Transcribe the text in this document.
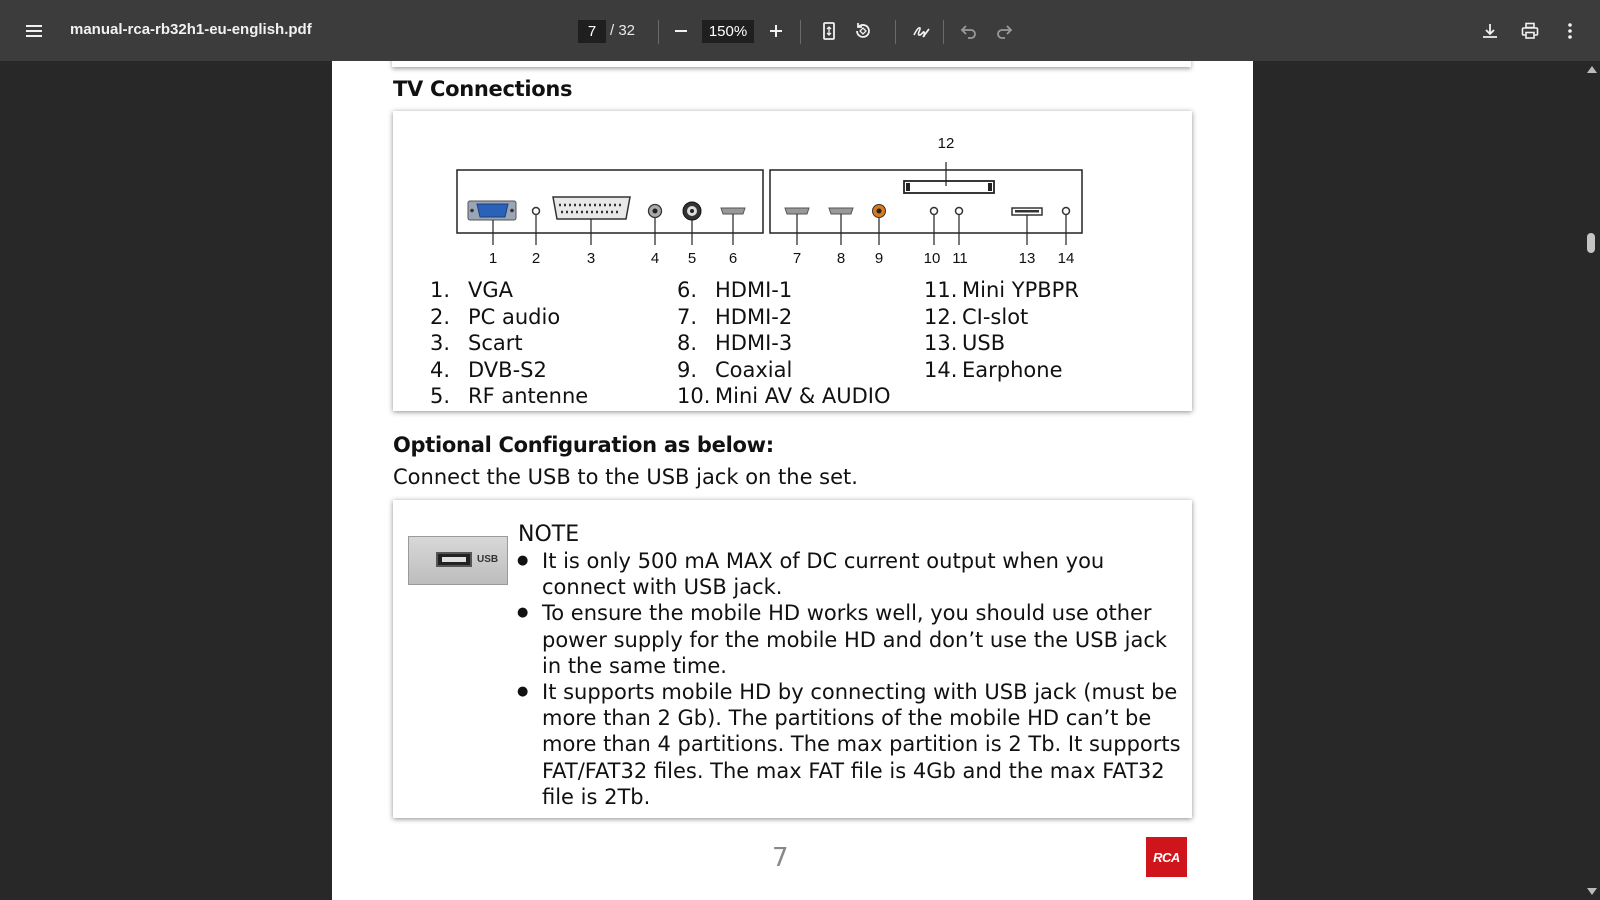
manual-rca-rb32h1-eu-english.pdf	7 / 32	150%
TV Connections
12
1 2	3	4 5 6	7 8 9	10 11	13 14
1. VGA
2. PC audio
3. Scart
4. DVB-S2
5. RF antenne
6. HDMI-1
7. HDMI-2
8. HDMI-3
9. Coaxial
10. Mini AV & AUDIO
11. Mini YPBPR
12. CI-slot
13. USB
14. Earphone
Optional Configuration as below:
Connect the USB to the USB jack on the set.
USB
NOTE
● It is only 500 mA MAX of DC current output when you connect with USB jack.
● To ensure the mobile HD works well, you should use other power supply for the mobile HD and don’t use the USB jack in the same time.
● It supports mobile HD by connecting with USB jack (must be more than 2 Gb). The partitions of the mobile HD can’t be more than 4 partitions. The max partition is 2 Tb. It supports FAT/FAT32 files. The max FAT file is 4Gb and the max FAT32 file is 2Tb.
7	RCA
